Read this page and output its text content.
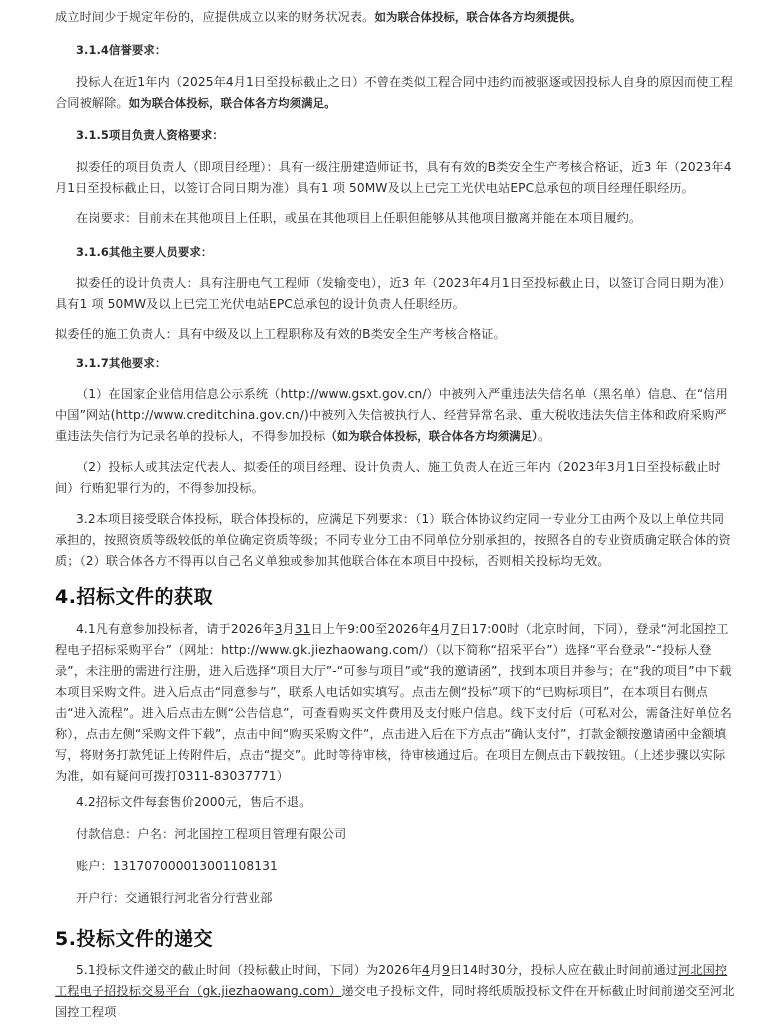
成立时间少于规定年份的，应提供成立以来的财务状况表。如为联合体投标，联合体各方均须提供。

3.1.4信誉要求：

投标人在近1年内（2025年4月1日至投标截止之日）不曾在类似工程合同中违约而被驱逐或因投标人自身的原因而使工程合同被解除。如为联合体投标，联合体各方均须满足。

3.1.5项目负责人资格要求：

拟委任的项目负责人（即项目经理）：具有一级注册建造师证书，具有有效的B类安全生产考核合格证，近3 年（2023年4月1日至投标截止日，以签订合同日期为准）具有1 项 50MW及以上已完工光伏电站EPC总承包的项目经理任职经历。

在岗要求：目前未在其他项目上任职，或虽在其他项目上任职但能够从其他项目撤离并能在本项目履约。

3.1.6其他主要人员要求：

拟委任的设计负责人：具有注册电气工程师（发输变电），近3 年（2023年4月1日至投标截止日，以签订合同日期为准）具有1 项 50MW及以上已完工光伏电站EPC总承包的设计负责人任职经历。

拟委任的施工负责人：具有中级及以上工程职称及有效的B类安全生产考核合格证。

3.1.7其他要求：

（1）在国家企业信用信息公示系统（http://www.gsxt.gov.cn/）中被列入严重违法失信名单（黑名单）信息、在“信用中国”网站(http://www.creditchina.gov.cn/)中被列入失信被执行人、经营异常名录、重大税收违法失信主体和政府采购严重违法失信行为记录名单的投标人，不得参加投标（如为联合体投标，联合体各方均须满足）。

（2）投标人或其法定代表人、拟委任的项目经理、设计负责人、施工负责人在近三年内（2023年3月1日至投标截止时间）行贿犯罪行为的，不得参加投标。

3.2本项目接受联合体投标，联合体投标的，应满足下列要求：（1）联合体协议约定同一专业分工由两个及以上单位共同承担的，按照资质等级较低的单位确定资质等级；不同专业分工由不同单位分别承担的，按照各自的专业资质确定联合体的资质；（2）联合体各方不得再以自己名义单独或参加其他联合体在本项目中投标，否则相关投标均无效。

4.招标文件的获取

4.1凡有意参加投标者，请于2026年3月31日上午9:00至2026年4月7日17:00时（北京时间，下同），登录“河北国控工程电子招标采购平台”（网址：http://www.gk.jiezhaowang.com/）（以下简称“招采平台”）选择“平台登录”-“投标人登录”，未注册的需进行注册，进入后选择“项目大厅”-“可参与项目”或“我的邀请函”，找到本项目并参与；在“我的项目”中下载本项目采购文件。进入后点击“同意参与”，联系人电话如实填写。点击左侧“投标”项下的“已购标项目”，在本项目右侧点击“进入流程”。进入后点击左侧“公告信息”，可查看购买文件费用及支付账户信息。线下支付后（可私对公，需备注好单位名称），点击左侧“采购文件下载”，点击中间“购买采购文件”，点击进入后在下方点击“确认支付”，打款金额按邀请函中金额填写，将财务打款凭证上传附件后，点击“提交”。此时等待审核，待审核通过后。在项目左侧点击下载按钮。（上述步骤以实际为准，如有疑问可拨打0311-83037771）

4.2招标文件每套售价2000元，售后不退。

付款信息：户名：河北国控工程项目管理有限公司

账户：131707000013001108131

开户行：交通银行河北省分行营业部

5.投标文件的递交

5.1投标文件递交的截止时间（投标截止时间，下同）为2026年4月9日14时30分，投标人应在截止时间前通过河北国控工程电子招投标交易平台（gk.jiezhaowang.com）递交电子投标文件，同时将纸质版投标文件在开标截止时间前递交至河北国控工程项
